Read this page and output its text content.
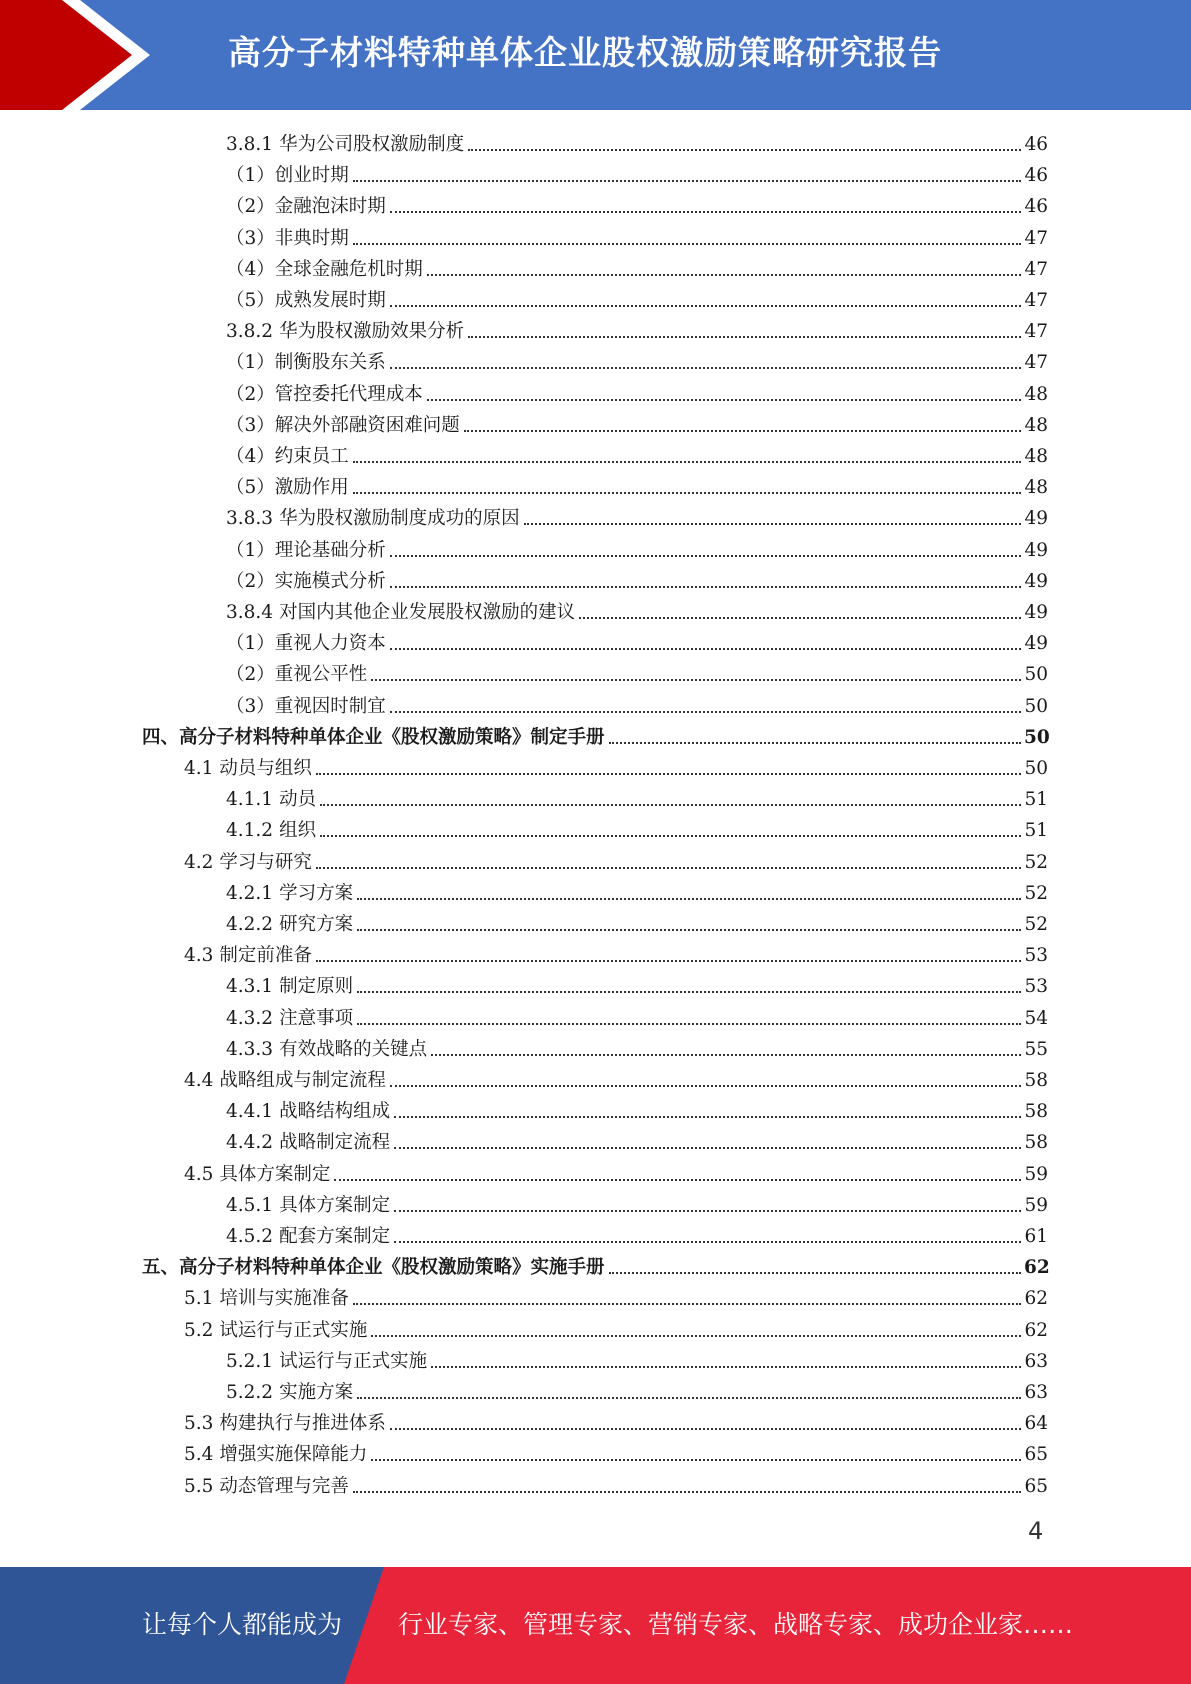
高分子材料特种单体企业股权激励策略研究报告
3.8.1 华为公司股权激励制度	46
（1） 创业时期	46
（2） 金融泡沫时期	46
（3） 非典时期	47
（4） 全球金融危机时期	47
（5） 成熟发展时期	47
3.8.2 华为股权激励效果分析	47
（1） 制衡股东关系	47
（2） 管控委托代理成本	48
（3） 解决外部融资困难问题	48
（4） 约束员工	48
（5） 激励作用	48
3.8.3 华为股权激励制度成功的原因	49
（1） 理论基础分析	49
（2） 实施模式分析	49
3.8.4 对国内其他企业发展股权激励的建议	49
（1） 重视人力资本	49
（2） 重视公平性	50
（3） 重视因时制宜	50
四、 高分子材料特种单体企业《股权激励策略》制定手册	50
4.1 动员与组织	50
4.1.1 动员	51
4.1.2 组织	51
4.2 学习与研究	52
4.2.1 学习方案	52
4.2.2 研究方案	52
4.3 制定前准备	53
4.3.1 制定原则	53
4.3.2 注意事项	54
4.3.3 有效战略的关键点	55
4.4 战略组成与制定流程	58
4.4.1 战略结构组成	58
4.4.2 战略制定流程	58
4.5 具体方案制定	59
4.5.1 具体方案制定	59
4.5.2 配套方案制定	61
五、 高分子材料特种单体企业《股权激励策略》实施手册	62
5.1 培训与实施准备	62
5.2 试运行与正式实施	62
5.2.1 试运行与正式实施	63
5.2.2 实施方案	63
5.3 构建执行与推进体系	64
5.4 增强实施保障能力	65
5.5 动态管理与完善	65
4
让每个人都能成为 行业专家、管理专家、营销专家、战略专家、成功企业家……
